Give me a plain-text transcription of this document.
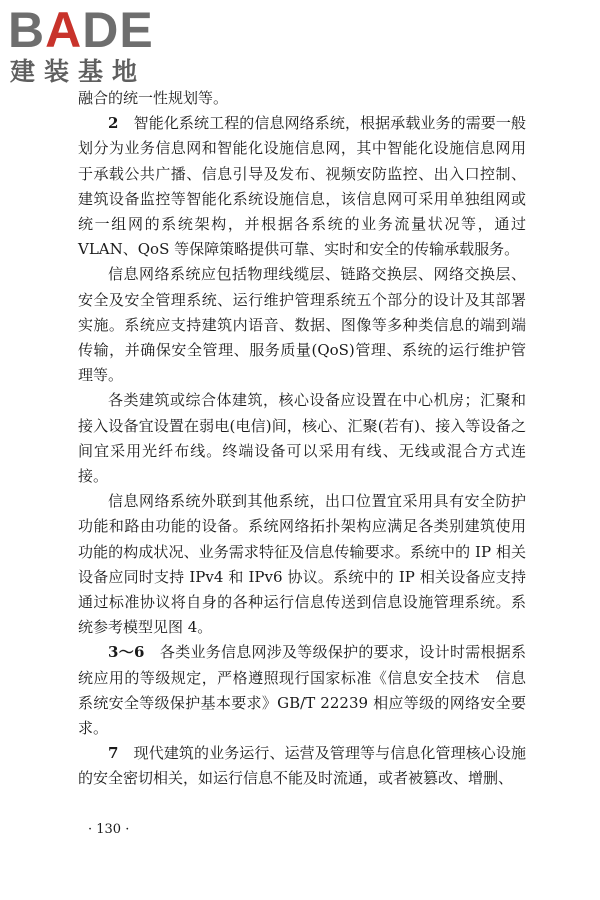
BADE
建装基地

融合的统一性规划等。

2　智能化系统工程的信息网络系统，根据承载业务的需要一般划分为业务信息网和智能化设施信息网，其中智能化设施信息网用于承载公共广播、信息引导及发布、视频安防监控、出入口控制、建筑设备监控等智能化系统设施信息，该信息网可采用单独组网或统一组网的系统架构，并根据各系统的业务流量状况等，通过 VLAN、QoS 等保障策略提供可靠、实时和安全的传输承载服务。

信息网络系统应包括物理线缆层、链路交换层、网络交换层、安全及安全管理系统、运行维护管理系统五个部分的设计及其部署实施。系统应支持建筑内语音、数据、图像等多种类信息的端到端传输，并确保安全管理、服务质量(QoS)管理、系统的运行维护管理等。

各类建筑或综合体建筑，核心设备应设置在中心机房；汇聚和接入设备宜设置在弱电(电信)间，核心、汇聚(若有)、接入等设备之间宜采用光纤布线。终端设备可以采用有线、无线或混合方式连接。

信息网络系统外联到其他系统，出口位置宜采用具有安全防护功能和路由功能的设备。系统网络拓扑架构应满足各类别建筑使用功能的构成状况、业务需求特征及信息传输要求。系统中的 IP 相关设备应同时支持 IPv4 和 IPv6 协议。系统中的 IP 相关设备应支持通过标准协议将自身的各种运行信息传送到信息设施管理系统。系统参考模型见图 4。

3～6　各类业务信息网涉及等级保护的要求，设计时需根据系统应用的等级规定，严格遵照现行国家标准《信息安全技术　信息系统安全等级保护基本要求》GB/T 22239 相应等级的网络安全要求。

7　现代建筑的业务运行、运营及管理等与信息化管理核心设施的安全密切相关，如运行信息不能及时流通，或者被篡改、增删、

· 130 ·
